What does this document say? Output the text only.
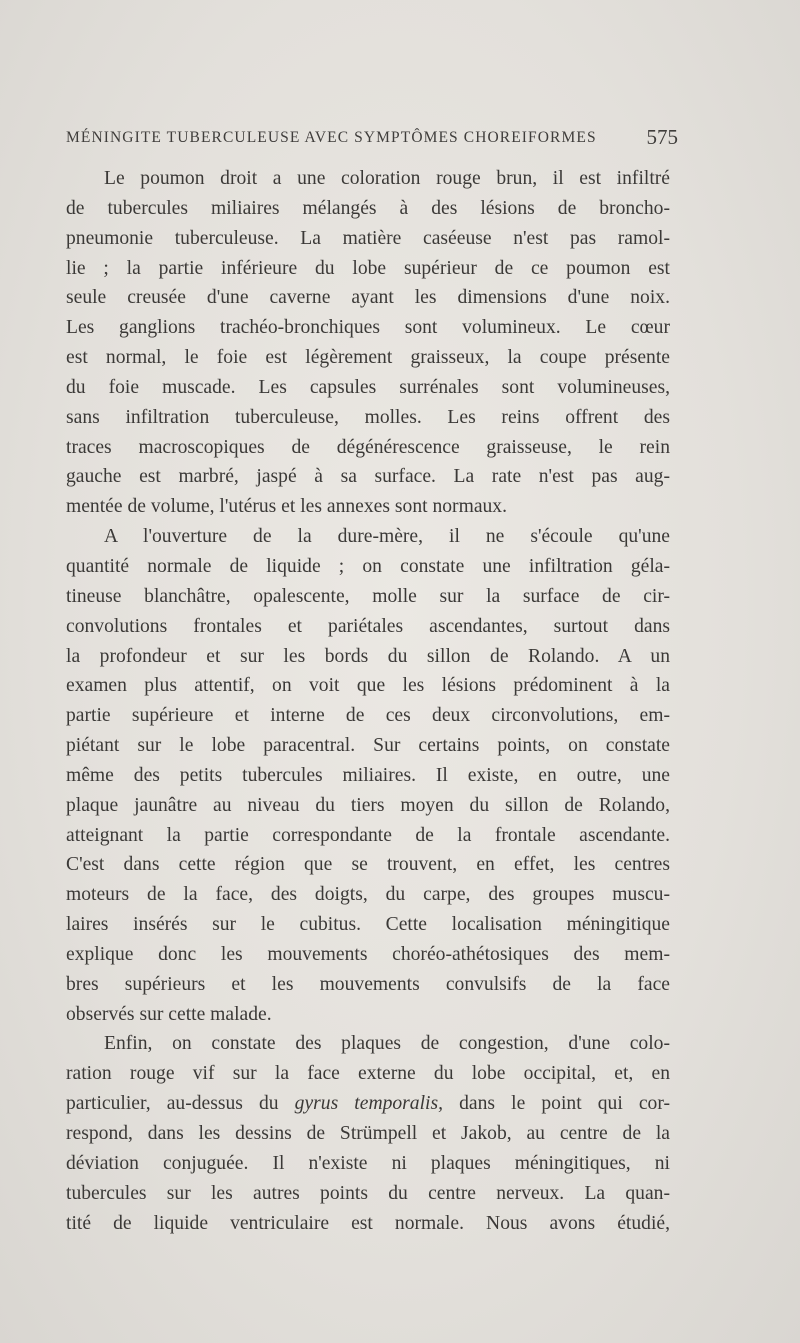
MÉNINGITE TUBERCULEUSE AVEC SYMPTÔMES CHOREIFORMES 575
Le poumon droit a une coloration rouge brun, il est infiltré
de tubercules miliaires mélangés à des lésions de broncho-
pneumonie tuberculeuse. La matière caséeuse n'est pas ramol-
lie ; la partie inférieure du lobe supérieur de ce poumon est
seule creusée d'une caverne ayant les dimensions d'une noix.
Les ganglions trachéo-bronchiques sont volumineux. Le cœur
est normal, le foie est légèrement graisseux, la coupe présente
du foie muscade. Les capsules surrénales sont volumineuses,
sans infiltration tuberculeuse, molles. Les reins offrent des
traces macroscopiques de dégénérescence graisseuse, le rein
gauche est marbré, jaspé à sa surface. La rate n'est pas aug-
mentée de volume, l'utérus et les annexes sont normaux.
A l'ouverture de la dure-mère, il ne s'écoule qu'une
quantité normale de liquide ; on constate une infiltration géla-
tineuse blanchâtre, opalescente, molle sur la surface de cir-
convolutions frontales et pariétales ascendantes, surtout dans
la profondeur et sur les bords du sillon de Rolando. A un
examen plus attentif, on voit que les lésions prédominent à la
partie supérieure et interne de ces deux circonvolutions, em-
piétant sur le lobe paracentral. Sur certains points, on constate
même des petits tubercules miliaires. Il existe, en outre, une
plaque jaunâtre au niveau du tiers moyen du sillon de Rolando,
atteignant la partie correspondante de la frontale ascendante.
C'est dans cette région que se trouvent, en effet, les centres
moteurs de la face, des doigts, du carpe, des groupes muscu-
laires insérés sur le cubitus. Cette localisation méningitique
explique donc les mouvements choréo-athétosiques des mem-
bres supérieurs et les mouvements convulsifs de la face
observés sur cette malade.
Enfin, on constate des plaques de congestion, d'une colo-
ration rouge vif sur la face externe du lobe occipital, et, en
particulier, au-dessus du gyrus temporalis, dans le point qui cor-
respond, dans les dessins de Strümpell et Jakob, au centre de la
déviation conjuguée. Il n'existe ni plaques méningitiques, ni
tubercules sur les autres points du centre nerveux. La quan-
tité de liquide ventriculaire est normale. Nous avons étudié,
